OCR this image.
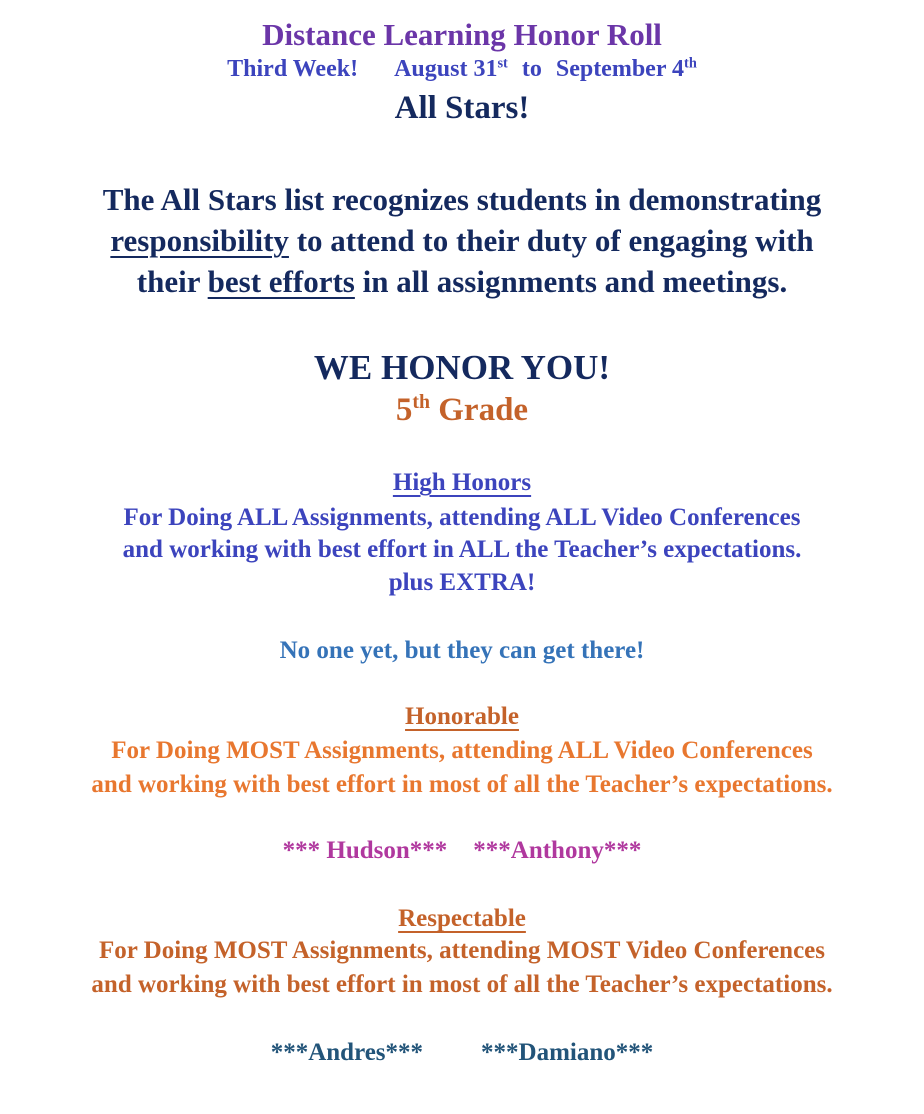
Distance Learning Honor Roll
Third Week! August 31st to September 4th
All Stars!
The All Stars list recognizes students in demonstrating
responsibility to attend to their duty of engaging with
their best efforts in all assignments and meetings.
WE HONOR YOU!
5th Grade
High Honors
For Doing ALL Assignments, attending ALL Video Conferences
and working with best effort in ALL the Teacher’s expectations.
plus EXTRA!
No one yet, but they can get there!
Honorable
For Doing MOST Assignments, attending ALL Video Conferences
and working with best effort in most of all the Teacher’s expectations.
*** Hudson*** ***Anthony***
Respectable
For Doing MOST Assignments, attending MOST Video Conferences
and working with best effort in most of all the Teacher’s expectations.
***Andres*** ***Damiano***
